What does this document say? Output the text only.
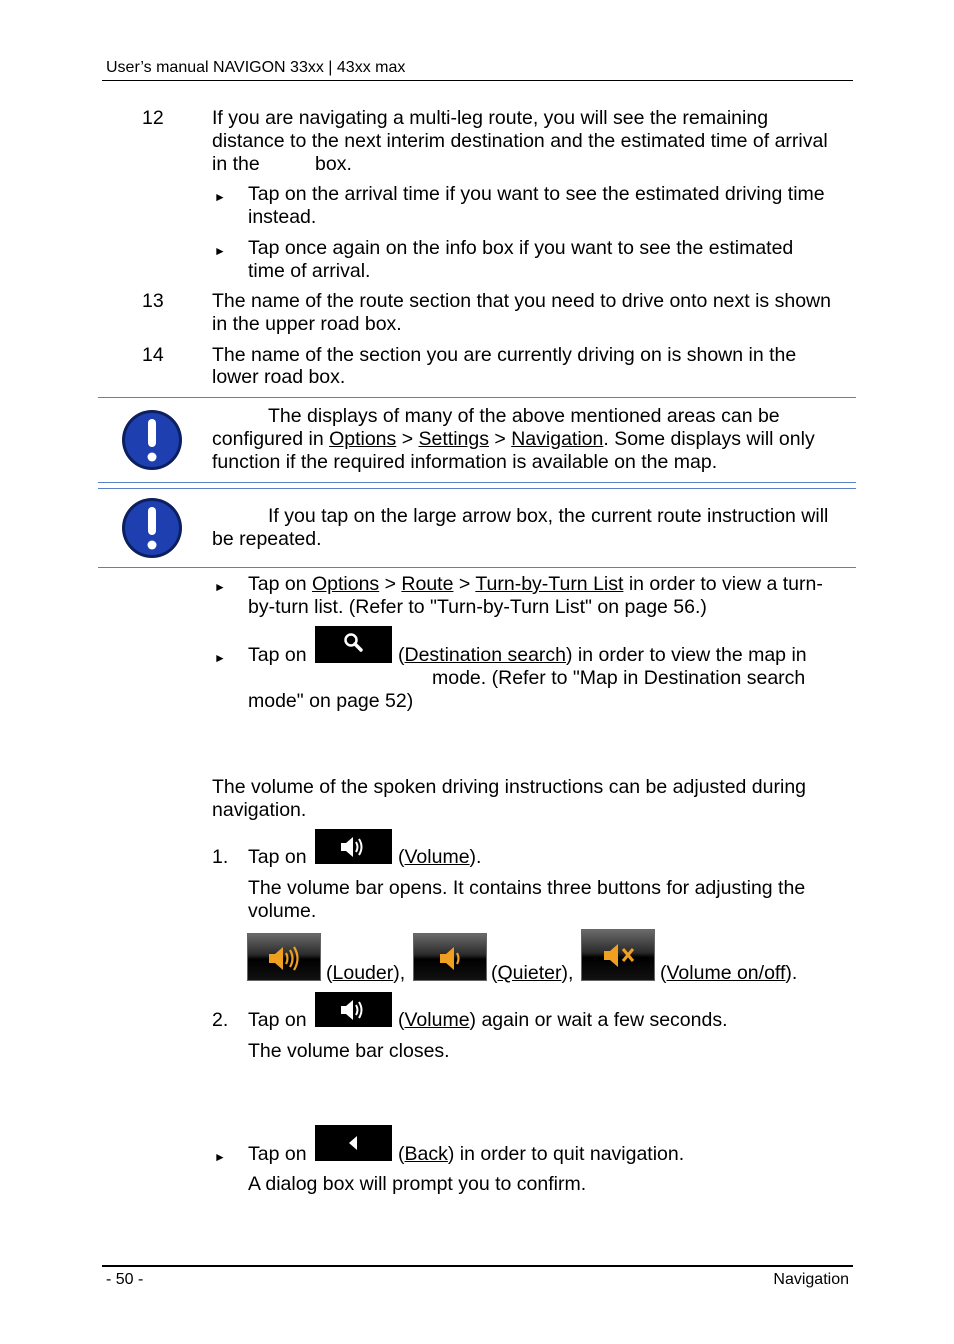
User’s manual NAVIGON 33xx | 43xx max
12 If you are navigating a multi-leg route, you will see the remaining
distance to the next interim destination and the estimated time of arrival
in the	box.
► Tap on the arrival time if you want to see the estimated driving time
instead.
► Tap once again on the info box if you want to see the estimated
time of arrival.
13 The name of the route section that you need to drive onto next is shown
in the upper road box.
14 The name of the section you are currently driving on is shown in the
lower road box.
The displays of many of the above mentioned areas can be
configured in Options > Settings > Navigation. Some displays will only
function if the required information is available on the map.
If you tap on the large arrow box, the current route instruction will
be repeated.
► Tap on Options > Route > Turn-by-Turn List in order to view a turn-
by-turn list. (Refer to "Turn-by-Turn List" on page 56.)
► Tap on	(Destination search) in order to view the map in
mode. (Refer to "Map in Destination search
mode" on page 52)
The volume of the spoken driving instructions can be adjusted during
navigation.
1. Tap on	(Volume).
The volume bar opens. It contains three buttons for adjusting the
volume.
(Louder),	(Quieter),	(Volume on/off).
2. Tap on	(Volume) again or wait a few seconds.
The volume bar closes.
► Tap on	(Back) in order to quit navigation.
A dialog box will prompt you to confirm.
- 50 -	Navigation
